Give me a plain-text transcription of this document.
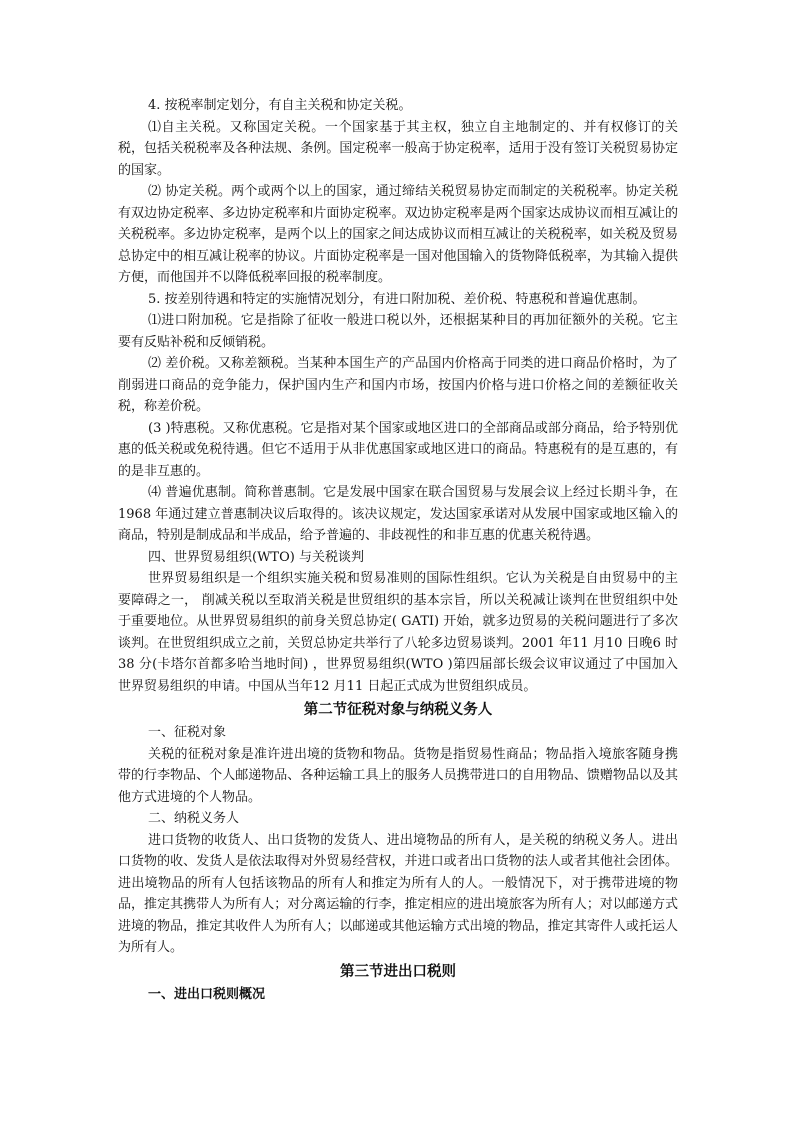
4. 按税率制定划分，有自主关税和协定关税。

⑴自主关税。又称国定关税。一个国家基于其主权，独立自主地制定的、并有权修订的关税，包括关税税率及各种法规、条例。国定税率一般高于协定税率，适用于没有签订关税贸易协定的国家。

⑵ 协定关税。两个或两个以上的国家，通过缔结关税贸易协定而制定的关税税率。协定关税有双边协定税率、多边协定税率和片面协定税率。双边协定税率是两个国家达成协议而相互减让的关税税率。多边协定税率，是两个以上的国家之间达成协议而相互减让的关税税率，如关税及贸易总协定中的相互减让税率的协议。片面协定税率是一国对他国输入的货物降低税率，为其输入提供方便，而他国并不以降低税率回报的税率制度。

5. 按差别待遇和特定的实施情况划分，有进口附加税、差价税、特惠税和普遍优惠制。

⑴进口附加税。它是指除了征收一般进口税以外，还根据某种目的再加征额外的关税。它主要有反贴补税和反倾销税。

⑵ 差价税。又称差额税。当某种本国生产的产品国内价格高于同类的进口商品价格时，为了削弱进口商品的竞争能力，保护国内生产和国内市场，按国内价格与进口价格之间的差额征收关税，称差价税。

(3 )特惠税。又称优惠税。它是指对某个国家或地区进口的全部商品或部分商品，给予特别优惠的低关税或免税待遇。但它不适用于从非优惠国家或地区进口的商品。特惠税有的是互惠的，有的是非互惠的。

⑷ 普遍优惠制。简称普惠制。它是发展中国家在联合国贸易与发展会议上经过长期斗争，在1968 年通过建立普惠制决议后取得的。该决议规定，发达国家承诺对从发展中国家或地区输入的商品，特别是制成品和半成品，给予普遍的、非歧视性的和非互惠的优惠关税待遇。

四、世界贸易组织(WTO) 与关税谈判

世界贸易组织是一个组织实施关税和贸易准则的国际性组织。它认为关税是自由贸易中的主要障碍之一， 削减关税以至取消关税是世贸组织的基本宗旨，所以关税减让谈判在世贸组织中处于重要地位。从世界贸易组织的前身关贸总协定( GATI) 开始，就多边贸易的关税问题进行了多次谈判。在世贸组织成立之前，关贸总协定共举行了八轮多边贸易谈判。2001 年11 月10 日晚6 时38 分(卡塔尔首都多哈当地时间) ，世界贸易组织(WTO )第四届部长级会议审议通过了中国加入世界贸易组织的申请。中国从当年12 月11 日起正式成为世贸组织成员。

第二节征税对象与纳税义务人

一、征税对象

关税的征税对象是准许进出境的货物和物品。货物是指贸易性商品；物品指入境旅客随身携带的行李物品、个人邮递物品、各种运输工具上的服务人员携带进口的自用物品、馈赠物品以及其他方式进境的个人物品。

二、纳税义务人

进口货物的收货人、出口货物的发货人、进出境物品的所有人，是关税的纳税义务人。进出口货物的收、发货人是依法取得对外贸易经营权，并进口或者出口货物的法人或者其他社会团体。进出境物品的所有人包括该物品的所有人和推定为所有人的人。一般情况下，对于携带进境的物品，推定其携带人为所有人；对分离运输的行李，推定相应的进出境旅客为所有人；对以邮递方式进境的物品，推定其收件人为所有人；以邮递或其他运输方式出境的物品，推定其寄件人或托运人为所有人。

第三节进出口税则

一、进出口税则概况
